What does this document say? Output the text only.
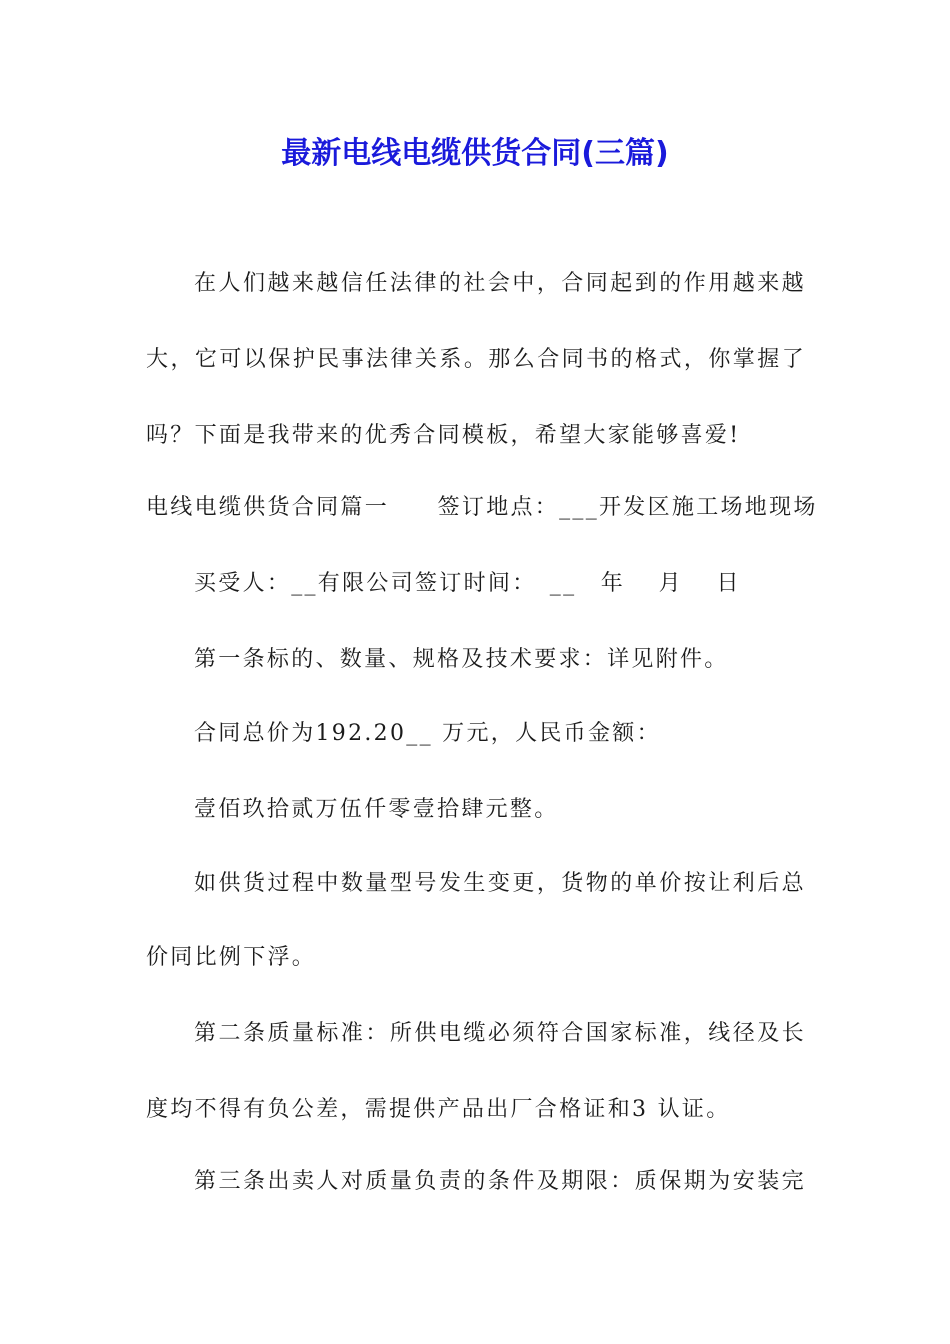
最新电线电缆供货合同(三篇)

在人们越来越信任法律的社会中，合同起到的作用越来越

大，它可以保护民事法律关系。那么合同书的格式，你掌握了

吗？下面是我带来的优秀合同模板，希望大家能够喜爱!

电线电缆供货合同篇一　　签订地点：___开发区施工场地现场

买受人：__有限公司签订时间：　__　年　 月　 日

第一条标的、数量、规格及技术要求：详见附件。

合同总价为192.20__ 万元，人民币金额：

壹佰玖拾贰万伍仟零壹拾肆元整。

如供货过程中数量型号发生变更，货物的单价按让利后总

价同比例下浮。

第二条质量标准：所供电缆必须符合国家标准，线径及长

度均不得有负公差，需提供产品出厂合格证和3 认证。

第三条出卖人对质量负责的条件及期限：质保期为安装完
